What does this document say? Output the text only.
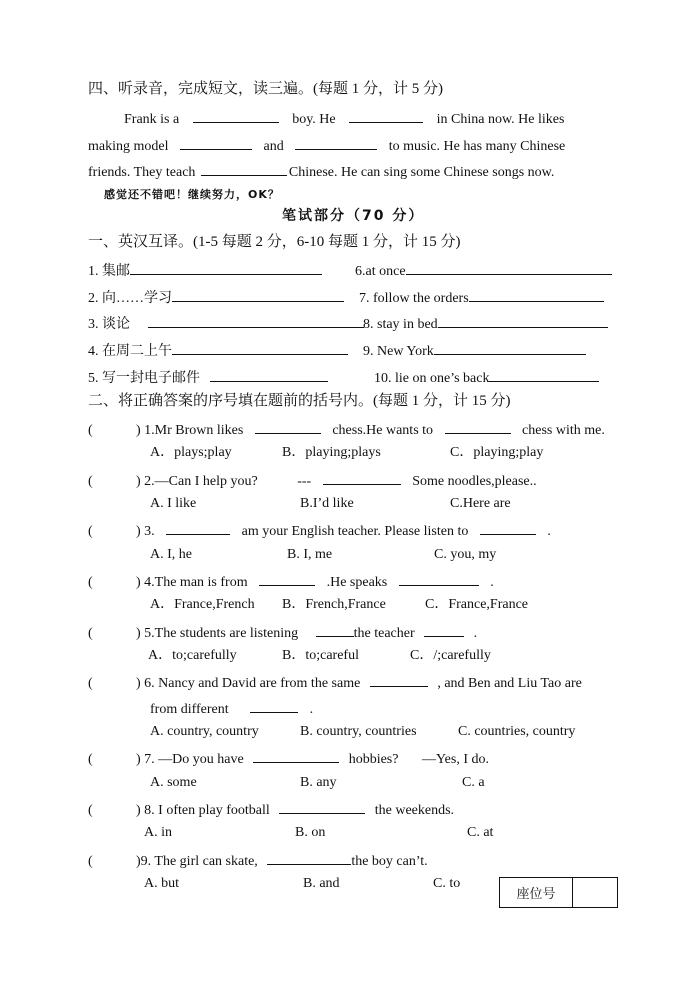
四、听录音，完成短文，读三遍。(每题 1 分，计 5 分)
Frank is a	boy. He	in China now. He likes
making model	and	to music. He has many Chinese
friends. They teach	Chinese. He can sing some Chinese songs now.
感觉还不错吧！继续努力，OK？
笔试部分（70 分）
一、英汉互译。(1-5 每题 2 分，6-10 每题 1 分，计 15 分)
1. 集邮	6.at once
2. 向……学习	7. follow the orders
3. 谈论	8. stay in bed
4. 在周二上午	9. New York
5. 写一封电子邮件	10. lie on one’s back
二、将正确答案的序号填在题前的括号内。(每题 1 分，计 15 分)
(	) 1.Mr Brown likes	chess.He wants to	chess with me.
A．plays;play	B．playing;plays	C．playing;play
(	) 2.—Can I help you?	---	Some noodles,please..
A. I like	B.I’d like	C.Here are
(	) 3.	am your English teacher. Please listen to	.
A. I, he	B. I, me	C. you, my
(	) 4.The man is from	.He speaks	.
A．France,French B．French,France	C．France,France
(	) 5.The students are listening	the teacher	.
A．to;carefully	B．to;careful	C．/;carefully
(	) 6. Nancy and David are from the same	, and Ben and Liu Tao are
from different	.
A. country, country	B. country, countries	C. countries, country
(	) 7. —Do you have	hobbies? —Yes, I do.
A. some	B. any	C. a
(	) 8. I often play football	the weekends.
A. in	B. on	C. at
(	)9. The girl can skate,	the boy can’t.
A. but	B. and	C. to
座位号
